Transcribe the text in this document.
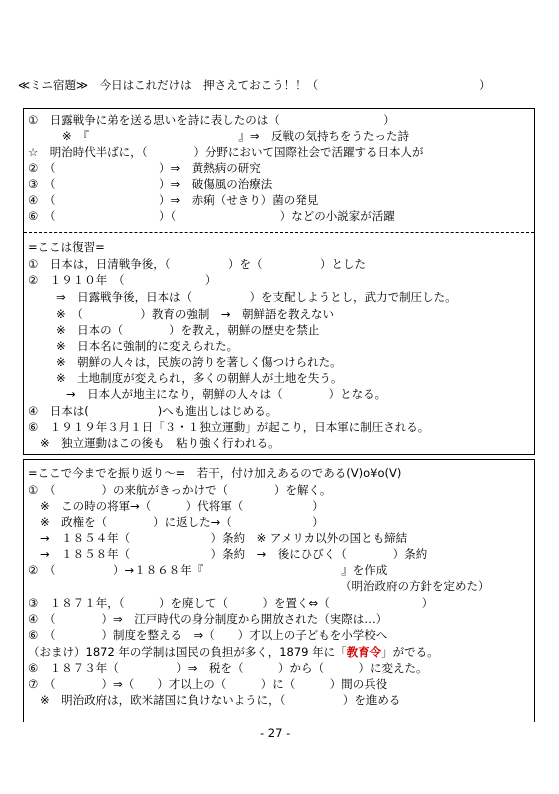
≪ミニ宿題≫　今日はこれだけは　押さえておこう！！（　　　　　　　　　　　　　　）
①　日露戦争に弟を送る思いを詩に表したのは（　　　　　　　　　）
※　『　　　　　　　　　　　　　』⇒　反戦の気持ちをうたった詩
☆　明治時代半ばに，（　　　　）分野において国際社会で活躍する日本人が
②　（　　　　　　　　　）⇒　黄熱病の研究
③　（　　　　　　　　　）⇒　破傷風の治療法
④　（　　　　　　　　　）⇒　赤痢（せきり）菌の発見
⑥　（　　　　　　　　　）（　　　　　　　　　）などの小説家が活躍
=ここは復習=
①　日本は，日清戦争後，（　　　　　）を（　　　　　）とした
②　１９１０年　（　　　　　　　）
⇒　日露戦争後，日本は（　　　　　）を支配しようとし，武力で制圧した。
※　（　　　　　）教育の強制　→　朝鮮語を教えない
※　日本の（　　　　）を教え，朝鮮の歴史を禁止
※　日本名に強制的に変えられた。
※　朝鮮の人々は，民族の誇りを著しく傷つけられた。
※　土地制度が変えられ，多くの朝鮮人が土地を失う。
→　日本人が地主になり，朝鮮の人々は（　　　　）となる。
④　日本は(　　　　　　)へも進出しはじめる。
⑥　１９１９年３月１日「３・１独立運動」が起こり，日本軍に制圧される。
※　独立運動はこの後も　粘り強く行われる。
=ここで今までを振り返り～=　若干，付け加えあるのである(V)o¥o(V)
①　（　　　　）の来航がきっかけで（　　　　）を解く。
※　この時の将軍→（　　　）代将軍（　　　　　　）
※　政権を（　　　　）に返した→（　　　　　　　）
→　１８５４年（　　　　　　　）条約　※ アメリカ以外の国とも締結
→　１８５８年（　　　　　　　）条約　→　後にひびく（　　　　）条約
②　（　　　　　）→１８６８年『　　　　　　　　　　　　』を作成
（明治政府の方針を定めた）
③　１８７１年，（　　　）を廃して（　　　）を置く⇔（　　　　　　　　）
④　（　　　　）⇒　江戸時代の身分制度から開放された（実際は…）
⑥　（　　　　）制度を整える　⇒（　　）才以上の子どもを小学校へ
（おまけ）1872 年の学制は国民の負担が多く，1879 年に「教育令」がでる。
⑥　１８７３年（　　　　　）⇒　税を（　　　）から（　　　）に変えた。
⑦　（　　　　）⇒（　　）才以上の（　　　）に（　　　）間の兵役
※　明治政府は，欧米諸国に負けないように，（　　　　　）を進める
- 27 -
